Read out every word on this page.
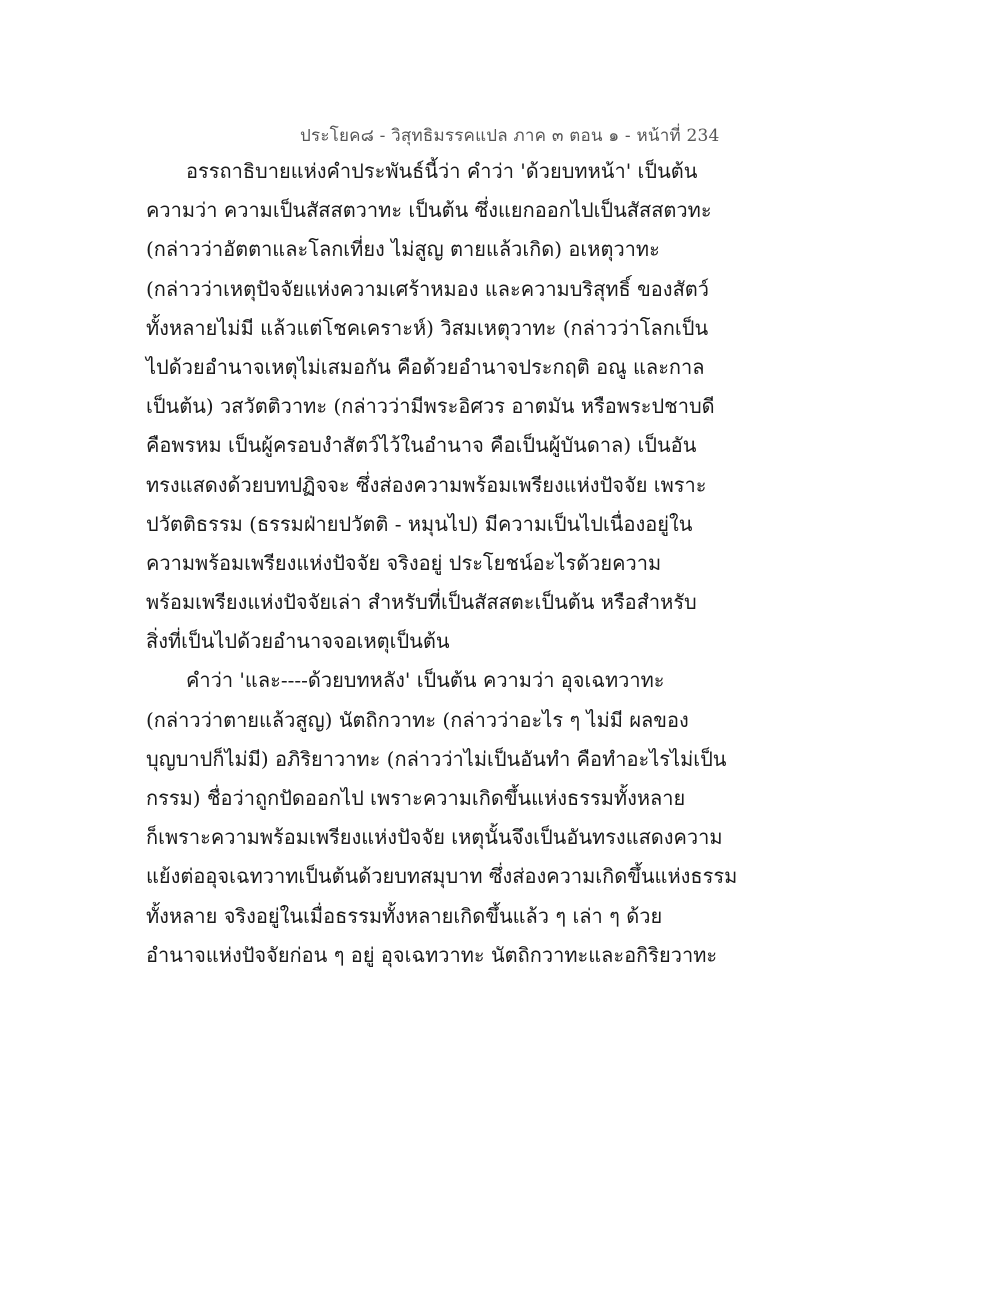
ประโยค๘ - วิสุทธิมรรคแปล ภาค ๓ ตอน ๑ - หน้าที่ 234
อรรถาธิบายแห่งคำประพันธ์นี้ว่า คำว่า 'ด้วยบทหน้า' เป็นต้น
ความว่า ความเป็นสัสสตวาทะ เป็นต้น ซึ่งแยกออกไปเป็นสัสสตวทะ
(กล่าวว่าอัตตาและโลกเที่ยง ไม่สูญ ตายแล้วเกิด) อเหตุวาทะ
(กล่าวว่าเหตุปัจจัยแห่งความเศร้าหมอง และความบริสุทธิ์ ของสัตว์
ทั้งหลายไม่มี แล้วแต่โชคเคราะห์) วิสมเหตุวาทะ (กล่าวว่าโลกเป็น
ไปด้วยอำนาจเหตุไม่เสมอกัน คือด้วยอำนาจประกฤติ อณู และกาล
เป็นต้น) วสวัตติวาทะ (กล่าวว่ามีพระอิศวร อาตมัน หรือพระปชาบดี
คือพรหม เป็นผู้ครอบงำสัตว์ไว้ในอำนาจ คือเป็นผู้บันดาล) เป็นอัน
ทรงแสดงด้วยบทปฏิจจะ ซึ่งส่องความพร้อมเพรียงแห่งปัจจัย เพราะ
ปวัตติธรรม (ธรรมฝ่ายปวัตติ - หมุนไป) มีความเป็นไปเนื่องอยู่ใน
ความพร้อมเพรียงแห่งปัจจัย จริงอยู่ ประโยชน์อะไรด้วยความ
พร้อมเพรียงแห่งปัจจัยเล่า สำหรับที่เป็นสัสสตะเป็นต้น หรือสำหรับ
สิ่งที่เป็นไปด้วยอำนาจจอเหตุเป็นต้น
คำว่า 'และ----ด้วยบทหลัง' เป็นต้น ความว่า อุจเฉทวาทะ
(กล่าวว่าตายแล้วสูญ) นัตถิกวาทะ (กล่าวว่าอะไร ๆ ไม่มี ผลของ
บุญบาปก็ไม่มี) อภิริยาวาทะ (กล่าวว่าไม่เป็นอันทำ คือทำอะไรไม่เป็น
กรรม) ชื่อว่าถูกปัดออกไป เพราะความเกิดขึ้นแห่งธรรมทั้งหลาย
ก็เพราะความพร้อมเพรียงแห่งปัจจัย เหตุนั้นจึงเป็นอันทรงแสดงความ
แย้งต่ออุจเฉทวาทเป็นต้นด้วยบทสมุบาท ซึ่งส่องความเกิดขึ้นแห่งธรรม
ทั้งหลาย จริงอยู่ในเมื่อธรรมทั้งหลายเกิดขึ้นแล้ว ๆ เล่า ๆ ด้วย
อำนาจแห่งปัจจัยก่อน ๆ อยู่ อุจเฉทวาทะ นัตถิกวาทะและอกิริยวาทะ
